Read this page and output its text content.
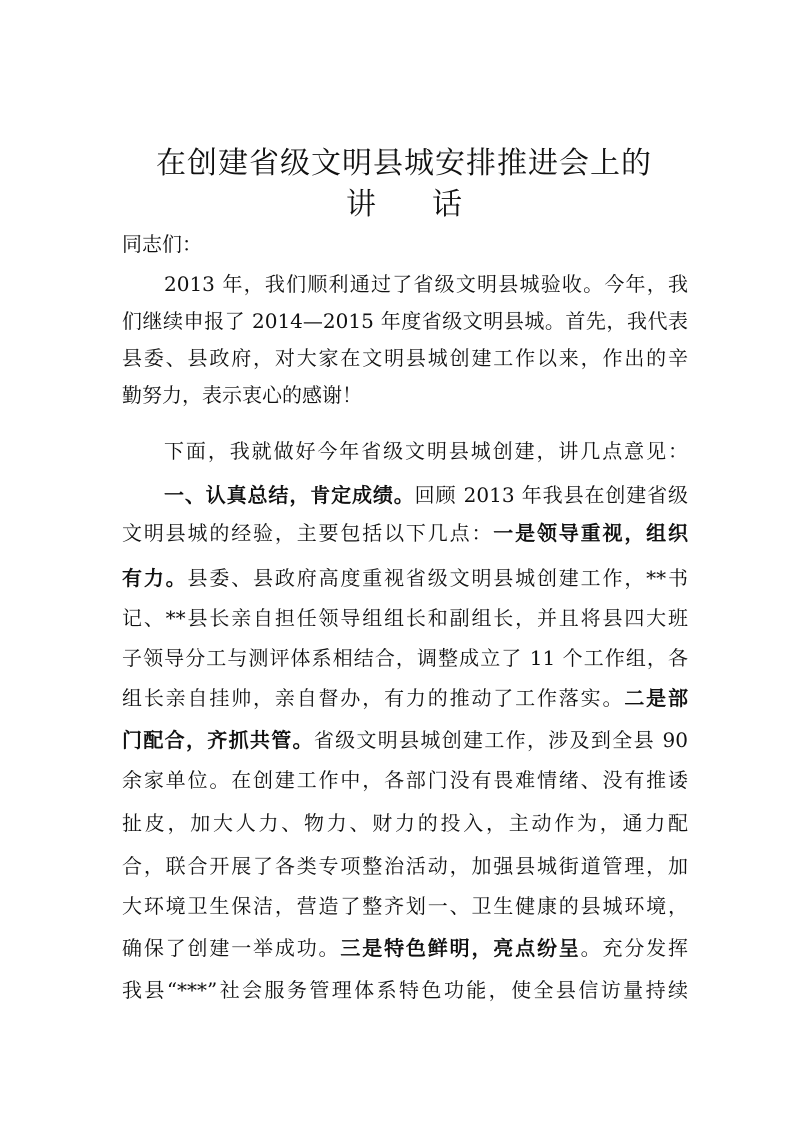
在创建省级文明县城安排推进会上的
讲 话
同志们：
2013 年，我们顺利通过了省级文明县城验收。今年，我
们继续申报了 2014—2015 年度省级文明县城。首先，我代表
县委、县政府，对大家在文明县城创建工作以来，作出的辛
勤努力，表示衷心的感谢！
下面，我就做好今年省级文明县城创建，讲几点意见：
一、认真总结，肯定成绩。回顾 2013 年我县在创建省级
文明县城的经验，主要包括以下几点：一是领导重视，组织
有力。县委、县政府高度重视省级文明县城创建工作，**书
记、**县长亲自担任领导组组长和副组长，并且将县四大班
子领导分工与测评体系相结合，调整成立了 11 个工作组，各
组长亲自挂帅，亲自督办，有力的推动了工作落实。二是部
门配合，齐抓共管。省级文明县城创建工作，涉及到全县 90
余家单位。在创建工作中，各部门没有畏难情绪、没有推诿
扯皮，加大人力、物力、财力的投入，主动作为，通力配
合，联合开展了各类专项整治活动，加强县城街道管理，加
大环境卫生保洁，营造了整齐划一、卫生健康的县城环境，
确保了创建一举成功。三是特色鲜明，亮点纷呈。充分发挥
我县“***”社会服务管理体系特色功能，使全县信访量持续
